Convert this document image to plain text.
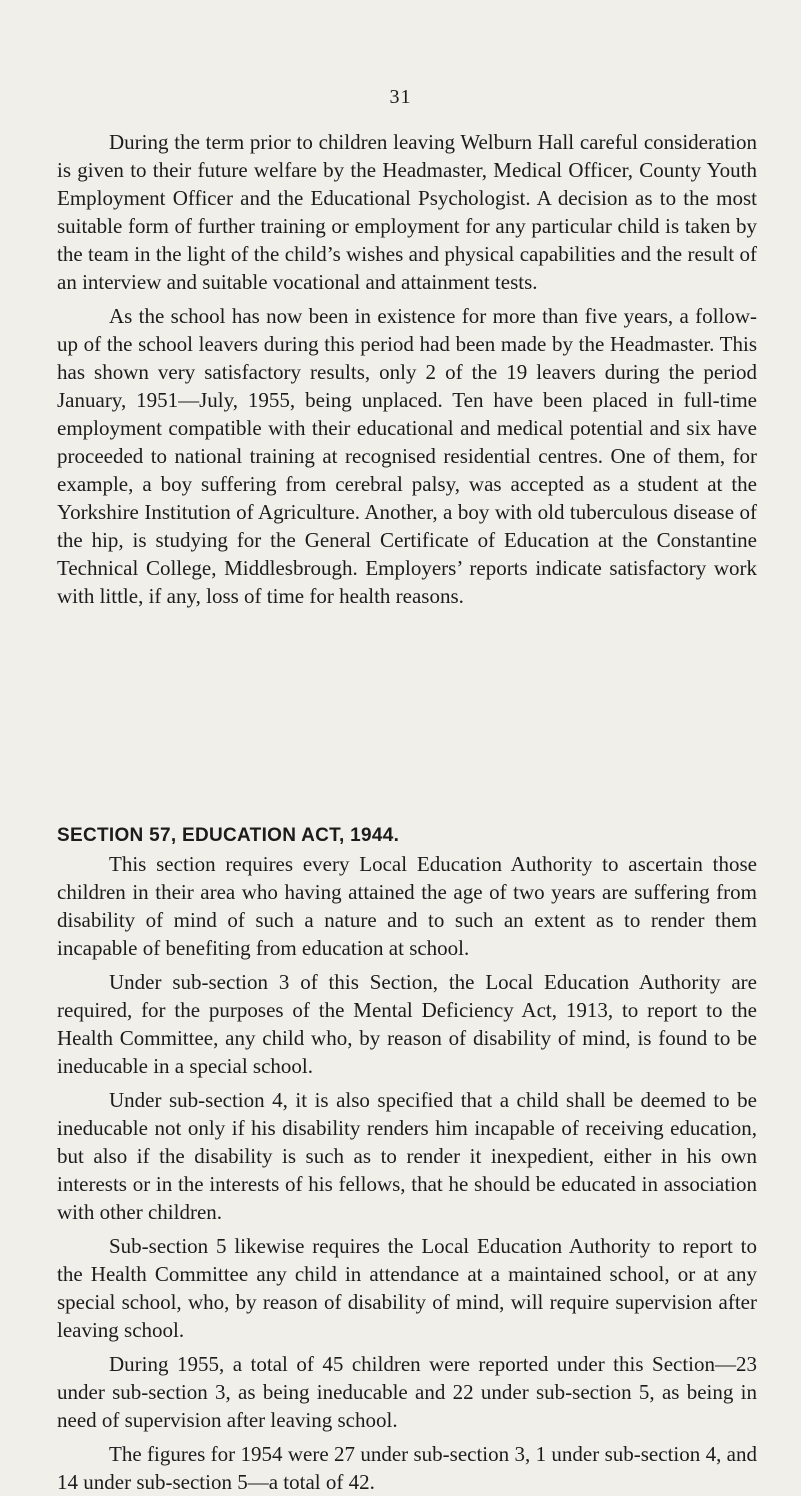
31

During the term prior to children leaving Welburn Hall careful consideration is given to their future welfare by the Headmaster, Medical Officer, County Youth Employment Officer and the Educational Psychologist. A decision as to the most suitable form of further training or employment for any particular child is taken by the team in the light of the child’s wishes and physical capabilities and the result of an interview and suitable vocational and attainment tests.

As the school has now been in existence for more than five years, a follow-up of the school leavers during this period had been made by the Headmaster. This has shown very satisfactory results, only 2 of the 19 leavers during the period January, 1951—July, 1955, being unplaced. Ten have been placed in full-time employment compatible with their educational and medical potential and six have proceeded to national training at recognised residential centres. One of them, for example, a boy suffering from cerebral palsy, was accepted as a student at the Yorkshire Institution of Agriculture. Another, a boy with old tuberculous disease of the hip, is studying for the General Certificate of Education at the Constantine Technical College, Middlesbrough. Employers’ reports indicate satisfactory work with little, if any, loss of time for health reasons.

SECTION 57, EDUCATION ACT, 1944.

This section requires every Local Education Authority to ascertain those children in their area who having attained the age of two years are suffering from disability of mind of such a nature and to such an extent as to render them incapable of benefiting from education at school.

Under sub-section 3 of this Section, the Local Education Authority are required, for the purposes of the Mental Deficiency Act, 1913, to report to the Health Committee, any child who, by reason of disability of mind, is found to be ineducable in a special school.

Under sub-section 4, it is also specified that a child shall be deemed to be ineducable not only if his disability renders him incapable of receiving education, but also if the disability is such as to render it inexpedient, either in his own interests or in the interests of his fellows, that he should be educated in association with other children.

Sub-section 5 likewise requires the Local Education Authority to report to the Health Committee any child in attendance at a maintained school, or at any special school, who, by reason of disability of mind, will require supervision after leaving school.

During 1955, a total of 45 children were reported under this Section—23 under sub-section 3, as being ineducable and 22 under sub-section 5, as being in need of supervision after leaving school.

The figures for 1954 were 27 under sub-section 3, 1 under sub-section 4, and 14 under sub-section 5—a total of 42.
